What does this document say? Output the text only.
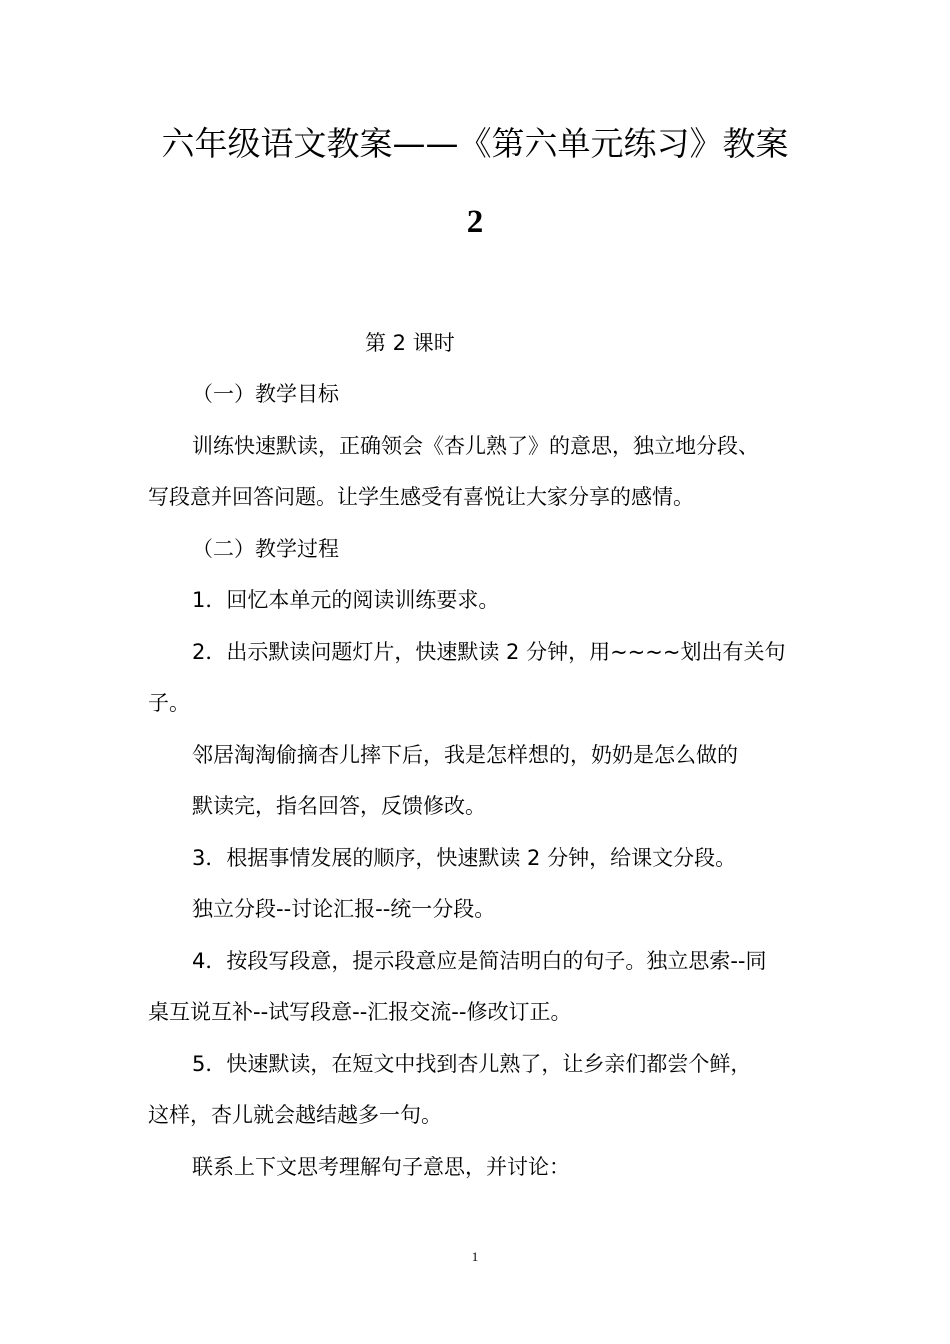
六年级语文教案——《第六单元练习》教案
2
第 2 课时
（一）教学目标
训练快速默读，正确领会《杏儿熟了》的意思，独立地分段、
写段意并回答问题。让学生感受有喜悦让大家分享的感情。
（二）教学过程
1．回忆本单元的阅读训练要求。
2．出示默读问题灯片，快速默读 2 分钟，用~~~~划出有关句
子。
邻居淘淘偷摘杏儿摔下后，我是怎样想的，奶奶是怎么做的
默读完，指名回答，反馈修改。
3．根据事情发展的顺序，快速默读 2 分钟，给课文分段。
独立分段--讨论汇报--统一分段。
4．按段写段意，提示段意应是简洁明白的句子。独立思索--同
桌互说互补--试写段意--汇报交流--修改订正。
5．快速默读，在短文中找到杏儿熟了，让乡亲们都尝个鲜，
这样，杏儿就会越结越多一句。
联系上下文思考理解句子意思，并讨论：
1
